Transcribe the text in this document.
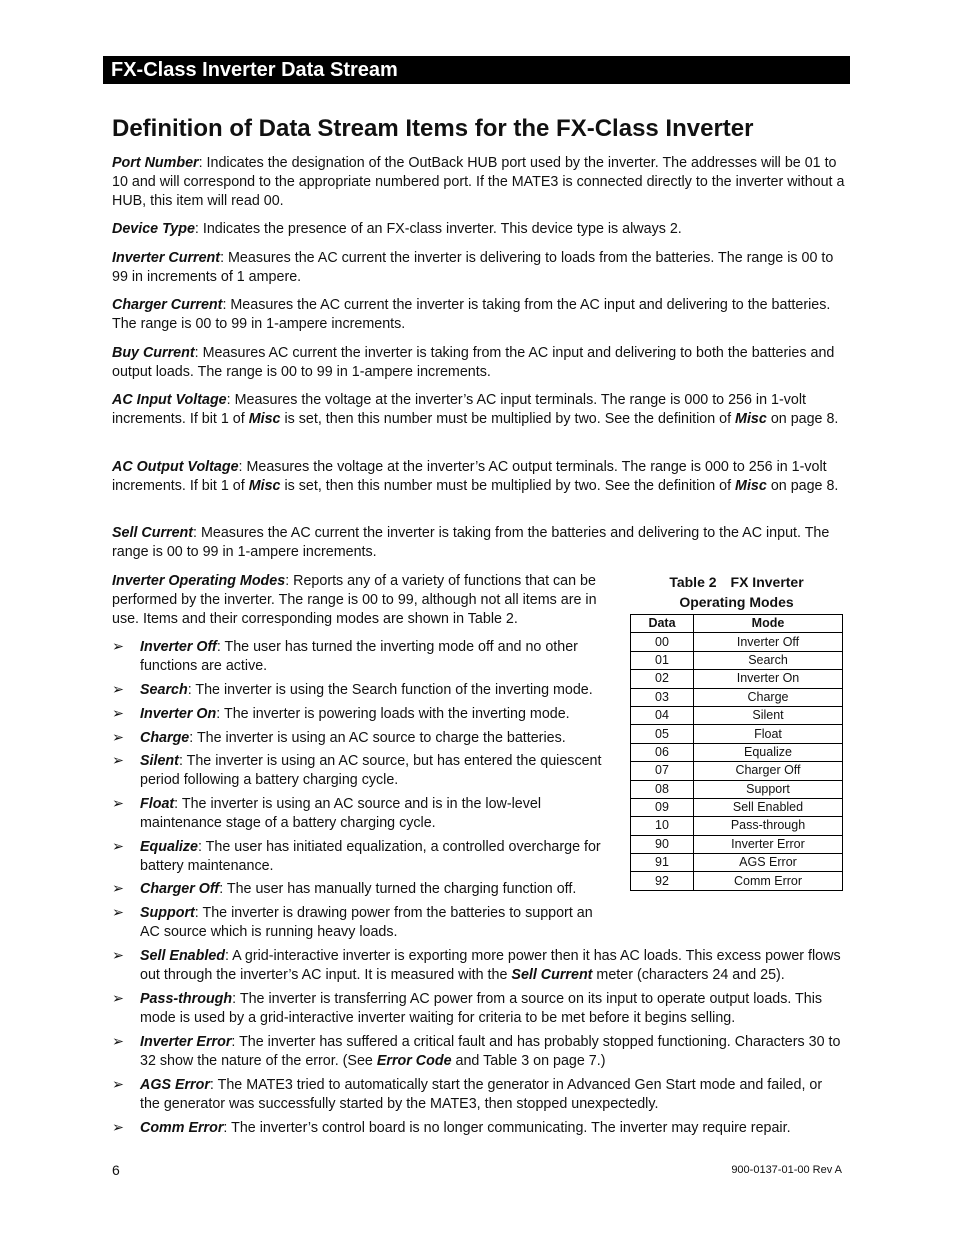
FX-Class Inverter Data Stream
Definition of Data Stream Items for the FX-Class Inverter

Port Number: Indicates the designation of the OutBack HUB port used by the inverter. The addresses will be 01 to 10 and will correspond to the appropriate numbered port. If the MATE3 is connected directly to the inverter without a HUB, this item will read 00.

Device Type: Indicates the presence of an FX-class inverter. This device type is always 2.

Inverter Current: Measures the AC current the inverter is delivering to loads from the batteries. The range is 00 to 99 in increments of 1 ampere.

Charger Current: Measures the AC current the inverter is taking from the AC input and delivering to the batteries. The range is 00 to 99 in 1-ampere increments.

Buy Current: Measures AC current the inverter is taking from the AC input and delivering to both the batteries and output loads. The range is 00 to 99 in 1-ampere increments.

AC Input Voltage: Measures the voltage at the inverter’s AC input terminals. The range is 000 to 256 in 1-volt increments. If bit 1 of Misc is set, then this number must be multiplied by two. See the definition of Misc on page 8.

AC Output Voltage: Measures the voltage at the inverter’s AC output terminals. The range is 000 to 256 in 1-volt increments. If bit 1 of Misc is set, then this number must be multiplied by two. See the definition of Misc on page 8.

Sell Current: Measures the AC current the inverter is taking from the batteries and delivering to the AC input. The range is 00 to 99 in 1-ampere increments.

Inverter Operating Modes: Reports any of a variety of functions that can be performed by the inverter. The range is 00 to 99, although not all items are in use. Items and their corresponding modes are shown in Table 2.

➢	Inverter Off: The user has turned the inverting mode off and no other functions are active.
➢	Search: The inverter is using the Search function of the inverting mode.
➢	Inverter On: The inverter is powering loads with the inverting mode.
➢	Charge: The inverter is using an AC source to charge the batteries.
➢	Silent: The inverter is using an AC source, but has entered the quiescent period following a battery charging cycle.
➢	Float: The inverter is using an AC source and is in the low-level maintenance stage of a battery charging cycle.
➢	Equalize: The user has initiated equalization, a controlled overcharge for battery maintenance.
➢	Charger Off: The user has manually turned the charging function off.
➢	Support: The inverter is drawing power from the batteries to support an AC source which is running heavy loads.
➢	Sell Enabled: A grid-interactive inverter is exporting more power then it has AC loads. This excess power flows out through the inverter’s AC input. It is measured with the Sell Current meter (characters 24 and 25).
➢	Pass-through: The inverter is transferring AC power from a source on its input to operate output loads. This mode is used by a grid-interactive inverter waiting for criteria to be met before it begins selling.
➢	Inverter Error: The inverter has suffered a critical fault and has probably stopped functioning. Characters 30 to 32 show the nature of the error. (See Error Code and Table 3 on page 7.)
➢	AGS Error: The MATE3 tried to automatically start the generator in Advanced Gen Start mode and failed, or the generator was successfully started by the MATE3, then stopped unexpectedly.
➢	Comm Error: The inverter’s control board is no longer communicating. The inverter may require repair.
Table 2 FX Inverter
Operating Modes
Data	Mode
00	Inverter Off
01	Search
02	Inverter On
03	Charge
04	Silent
05	Float
06	Equalize
07	Charger Off
08	Support
09	Sell Enabled
10	Pass-through
90	Inverter Error
91	AGS Error
92	Comm Error
6	900-0137-01-00 Rev A
